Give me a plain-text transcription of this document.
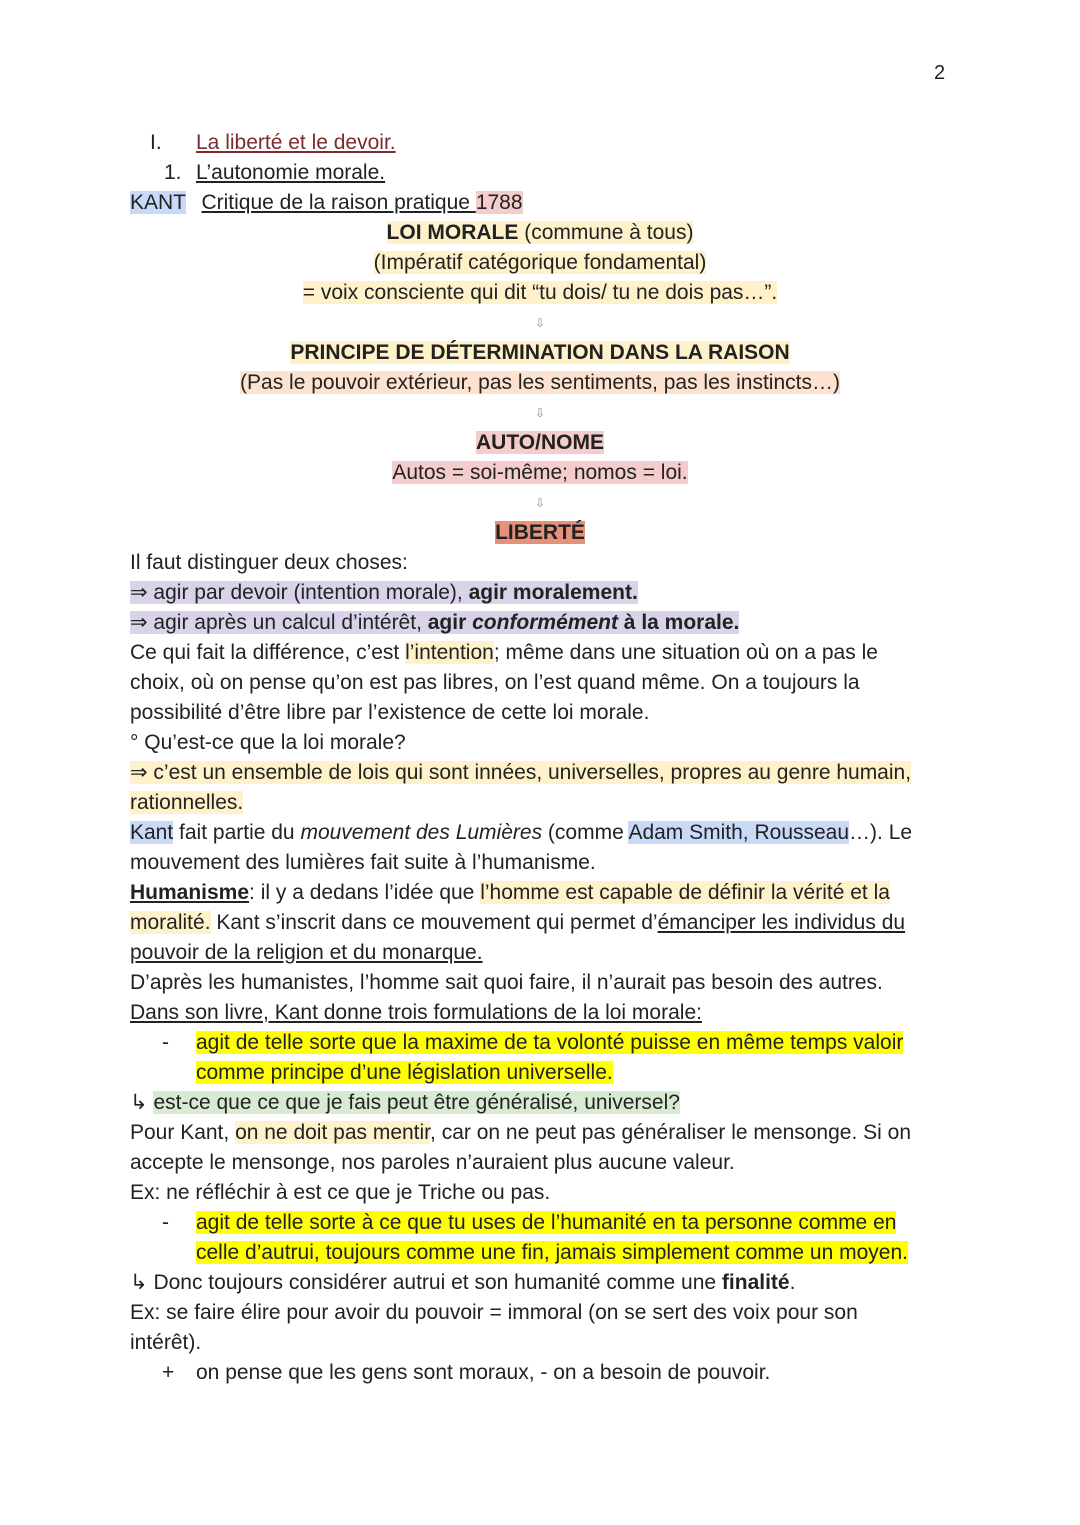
2
I. La liberté et le devoir.
1. L’autonomie morale.
KANT Critique de la raison pratique 1788
LOI MORALE (commune à tous)
(Impératif catégorique fondamental)
= voix consciente qui dit “tu dois/ tu ne dois pas…”.
⇩
PRINCIPE DE DÉTERMINATION DANS LA RAISON
(Pas le pouvoir extérieur, pas les sentiments, pas les instincts…)
⇩
AUTO/NOME
Autos = soi-même; nomos = loi.
⇩
LIBERTÉ
Il faut distinguer deux choses:
⇒ agir par devoir (intention morale), agir moralement.
⇒ agir après un calcul d’intérêt, agir conformément à la morale.
Ce qui fait la différence, c’est l’intention; même dans une situation où on a pas le
choix, où on pense qu’on est pas libres, on l’est quand même. On a toujours la
possibilité d’être libre par l’existence de cette loi morale.
° Qu’est-ce que la loi morale?
⇒ c’est un ensemble de lois qui sont innées, universelles, propres au genre humain,
rationnelles.
Kant fait partie du mouvement des Lumières (comme Adam Smith, Rousseau…). Le
mouvement des lumières fait suite à l’humanisme.
Humanisme: il y a dedans l’idée que l’homme est capable de définir la vérité et la
moralité. Kant s’inscrit dans ce mouvement qui permet d’émanciper les individus du
pouvoir de la religion et du monarque.
D’après les humanistes, l’homme sait quoi faire, il n’aurait pas besoin des autres.
Dans son livre, Kant donne trois formulations de la loi morale:
-	agit de telle sorte que la maxime de ta volonté puisse en même temps valoir
comme principe d’une législation universelle.
↳ est-ce que ce que je fais peut être généralisé, universel?
Pour Kant, on ne doit pas mentir, car on ne peut pas généraliser le mensonge. Si on
accepte le mensonge, nos paroles n’auraient plus aucune valeur.
Ex: ne réfléchir à est ce que je Triche ou pas.
-	agit de telle sorte à ce que tu uses de l’humanité en ta personne comme en
celle d’autrui, toujours comme une fin, jamais simplement comme un moyen.
↳ Donc toujours considérer autrui et son humanité comme une finalité.
Ex: se faire élire pour avoir du pouvoir = immoral (on se sert des voix pour son
intérêt).
+	on pense que les gens sont moraux, - on a besoin de pouvoir.
